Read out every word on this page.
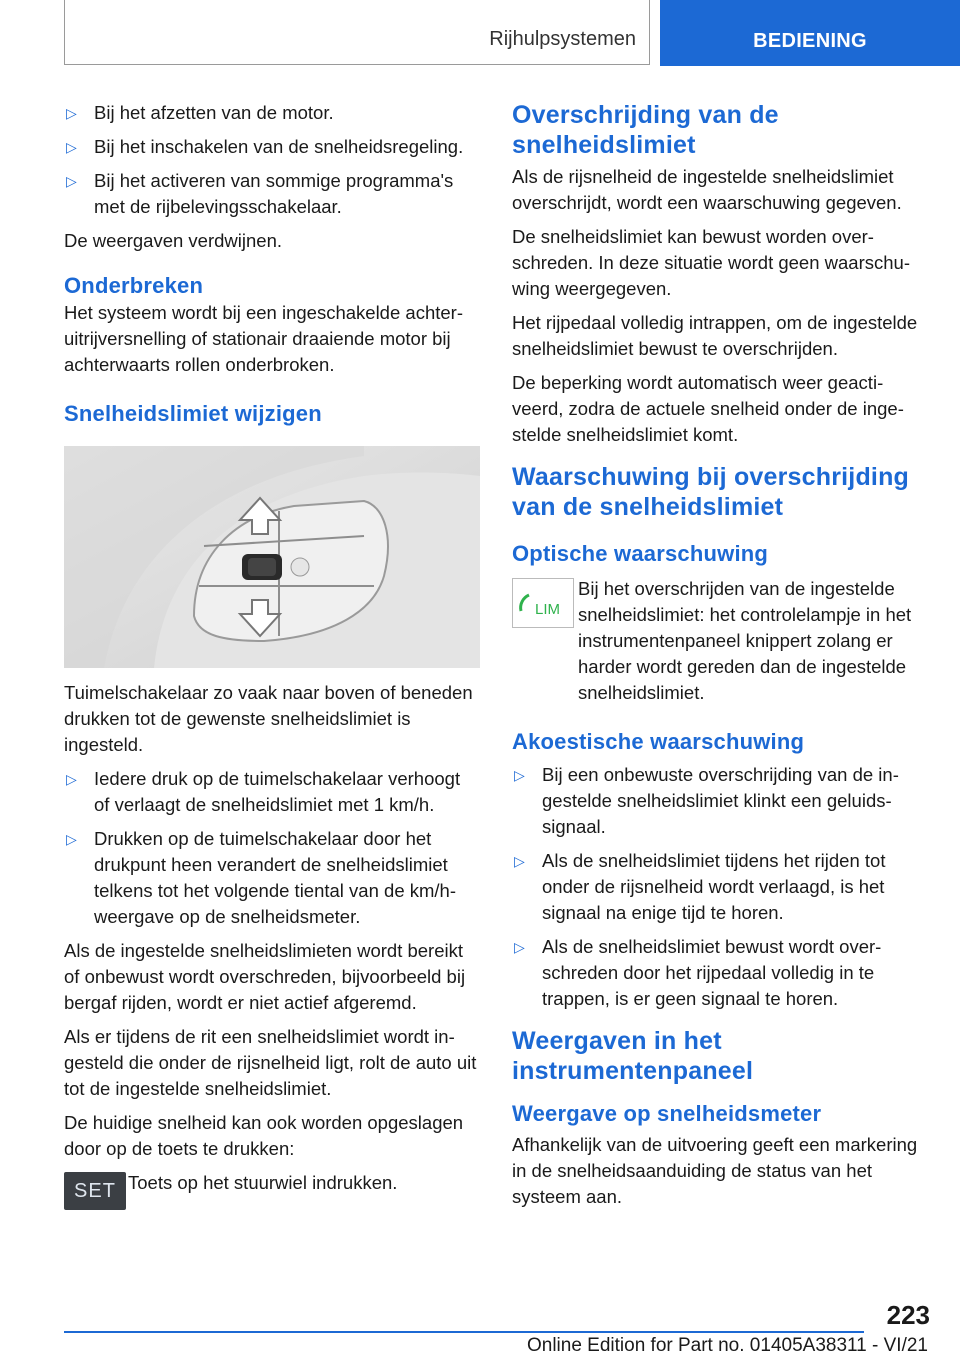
Rijhulpsystemen	BEDIENING
▷ Bij het afzetten van de motor.
▷ Bij het inschakelen van de snelheidsregeling.
▷ Bij het activeren van sommige programma's met de rijbelevingsschakelaar.

De weergaven verdwijnen.

Onderbreken

Het systeem wordt bij een ingeschakelde achteruitrijversnelling of stationair draaiende motor bij achterwaarts rollen onderbroken.

Snelheidslimiet wijzigen

Tuimelschakelaar zo vaak naar boven of beneden drukken tot de gewenste snelheidslimiet is ingesteld.

▷ Iedere druk op de tuimelschakelaar verhoogt of verlaagt de snelheidslimiet met 1 km/h.
▷ Drukken op de tuimelschakelaar door het drukpunt heen verandert de snelheidslimiet telkens tot het volgende tiental van de km/h-weergave op de snelheidsmeter.

Als de ingestelde snelheidslimieten wordt bereikt of onbewust wordt overschreden, bijvoorbeeld bij bergaf rijden, wordt er niet actief afgeremd.

Als er tijdens de rit een snelheidslimiet wordt ingesteld die onder de rijsnelheid ligt, rolt de auto uit tot de ingestelde snelheidslimiet.

De huidige snelheid kan ook worden opgeslagen door op de toets te drukken:

SET Toets op het stuurwiel indrukken.

Overschrijding van de snelheidslimiet

Als de rijsnelheid de ingestelde snelheidslimiet overschrijdt, wordt een waarschuwing gegeven.

De snelheidslimiet kan bewust worden overschreden. In deze situatie wordt geen waarschuwing weergegeven.

Het rijpedaal volledig intrappen, om de ingestelde snelheidslimiet bewust te overschrijden.

De beperking wordt automatisch weer geactiveerd, zodra de actuele snelheid onder de ingestelde snelheidslimiet komt.

Waarschuwing bij overschrijding van de snelheidslimiet
Optische waarschuwing
LIM

Bij het overschrijden van de ingestelde snelheidslimiet: het controlelampje in het instrumentenpaneel knippert zolang er harder wordt gereden dan de ingestelde snelheidslimiet.

Akoestische waarschuwing
▷ Bij een onbewuste overschrijding van de ingestelde snelheidslimiet klinkt een geluidssignaal.
▷ Als de snelheidslimiet tijdens het rijden tot onder de rijsnelheid wordt verlaagd, is het signaal na enige tijd te horen.
▷ Als de snelheidslimiet bewust wordt overschreden door het rijpedaal volledig in te trappen, is er geen signaal te horen.
Weergaven in het instrumentenpaneel
Weergave op snelheidsmeter

Afhankelijk van de uitvoering geeft een markering in de snelheidsaanduiding de status van het systeem aan.

223
Online Edition for Part no. 01405A38311 - VI/21
